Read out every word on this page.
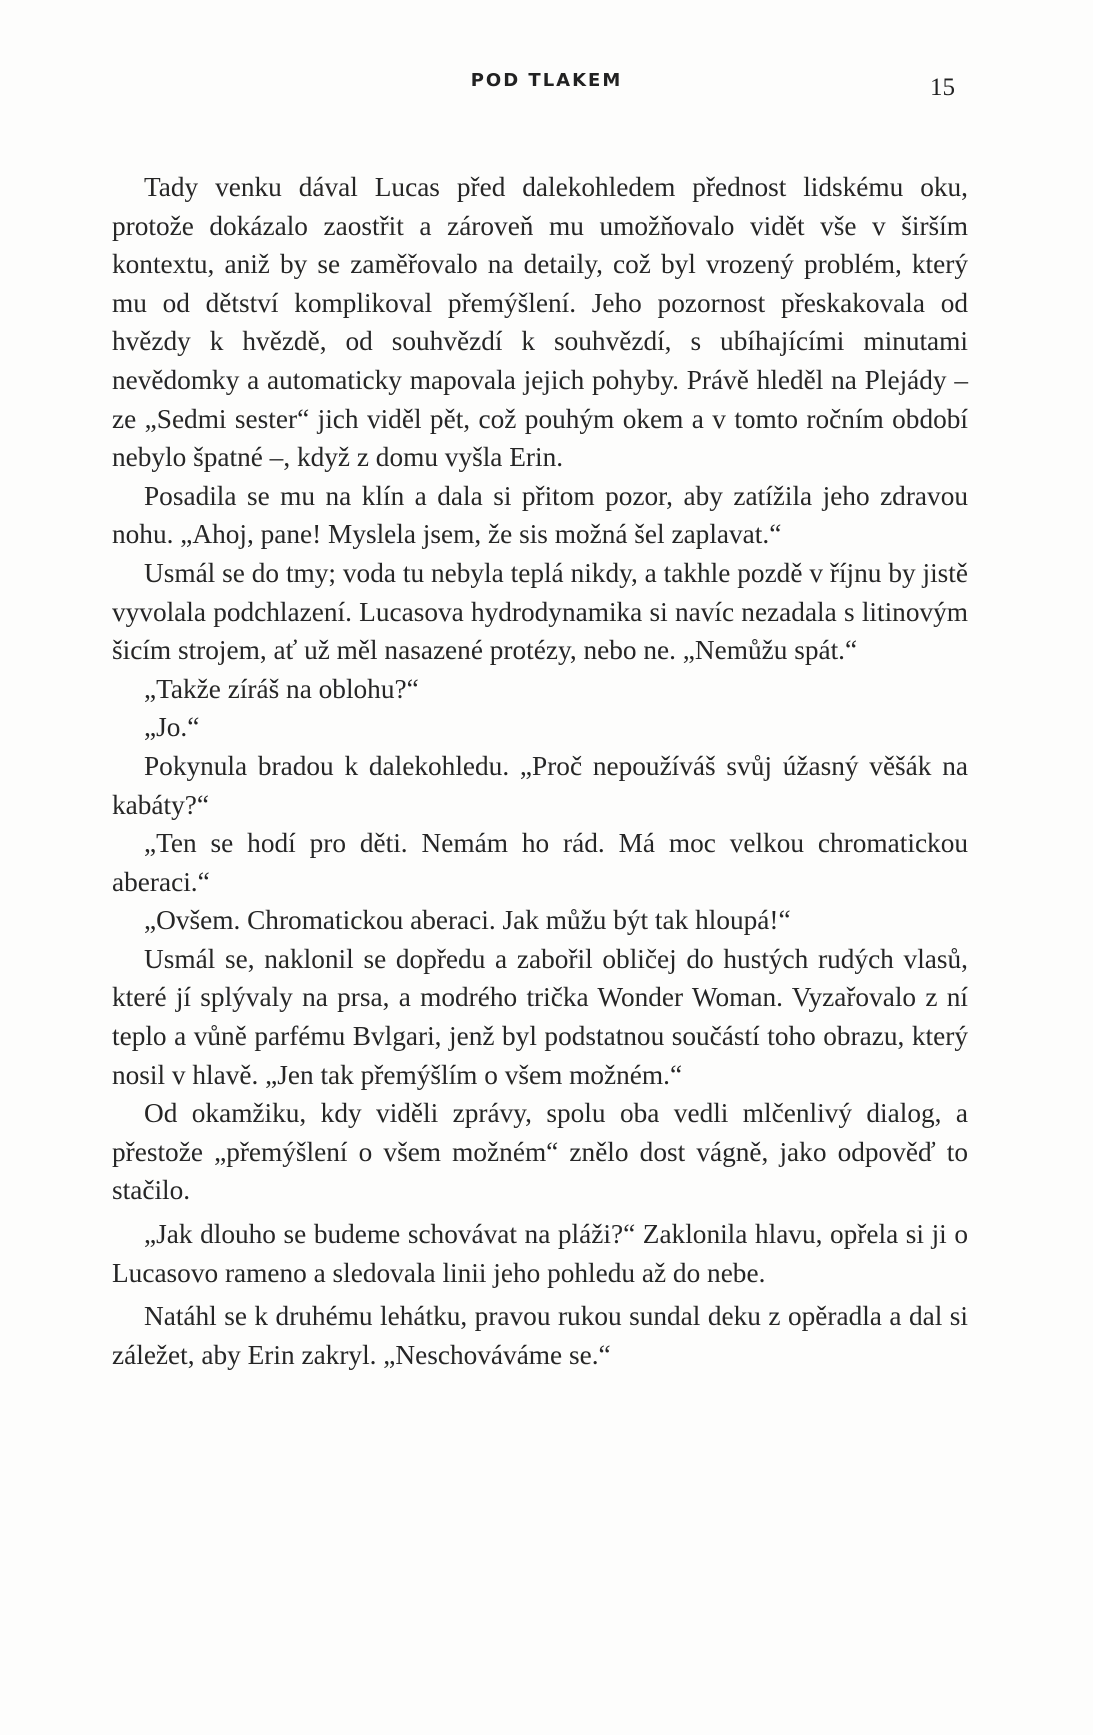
POD TLAKEM	15

Tady venku dával Lucas před dalekohledem přednost lidskému oku, protože dokázalo zaostřit a zároveň mu umožňovalo vidět vše v širším kontextu, aniž by se zaměřovalo na detaily, což byl vrozený problém, který mu od dětství komplikoval přemýšlení. Jeho pozornost přeskakovala od hvězdy k hvězdě, od souhvězdí k souhvězdí, s ubíhajícími minutami nevědomky a automaticky mapovala jejich pohyby. Právě hleděl na Plejády – ze „Sedmi sester“ jich viděl pět, což pouhým okem a v tomto ročním období nebylo špatné –, když z domu vyšla Erin.

Posadila se mu na klín a dala si přitom pozor, aby zatížila jeho zdravou nohu. „Ahoj, pane! Myslela jsem, že sis možná šel zaplavat.“

Usmál se do tmy; voda tu nebyla teplá nikdy, a takhle pozdě v říjnu by jistě vyvolala podchlazení. Lucasova hydrodynamika si navíc nezadala s litinovým šicím strojem, ať už měl nasazené protézy, nebo ne. „Nemůžu spát.“

„Takže zíráš na oblohu?“

„Jo.“

Pokynula bradou k dalekohledu. „Proč nepoužíváš svůj úžasný věšák na kabáty?“

„Ten se hodí pro děti. Nemám ho rád. Má moc velkou chromatickou aberaci.“

„Ovšem. Chromatickou aberaci. Jak můžu být tak hloupá!“

Usmál se, naklonil se dopředu a zabořil obličej do hustých rudých vlasů, které jí splývaly na prsa, a modrého trička Wonder Woman. Vyzařovalo z ní teplo a vůně parfému Bvlgari, jenž byl podstatnou součástí toho obrazu, který nosil v hlavě. „Jen tak přemýšlím o všem možném.“

Od okamžiku, kdy viděli zprávy, spolu oba vedli mlčenlivý dialog, a přestože „přemýšlení o všem možném“ znělo dost vágně, jako odpověď to stačilo.

„Jak dlouho se budeme schovávat na pláži?“ Zaklonila hlavu, opřela si ji o Lucasovo rameno a sledovala linii jeho pohledu až do nebe.

Natáhl se k druhému lehátku, pravou rukou sundal deku z opěradla a dal si záležet, aby Erin zakryl. „Neschováváme se.“
